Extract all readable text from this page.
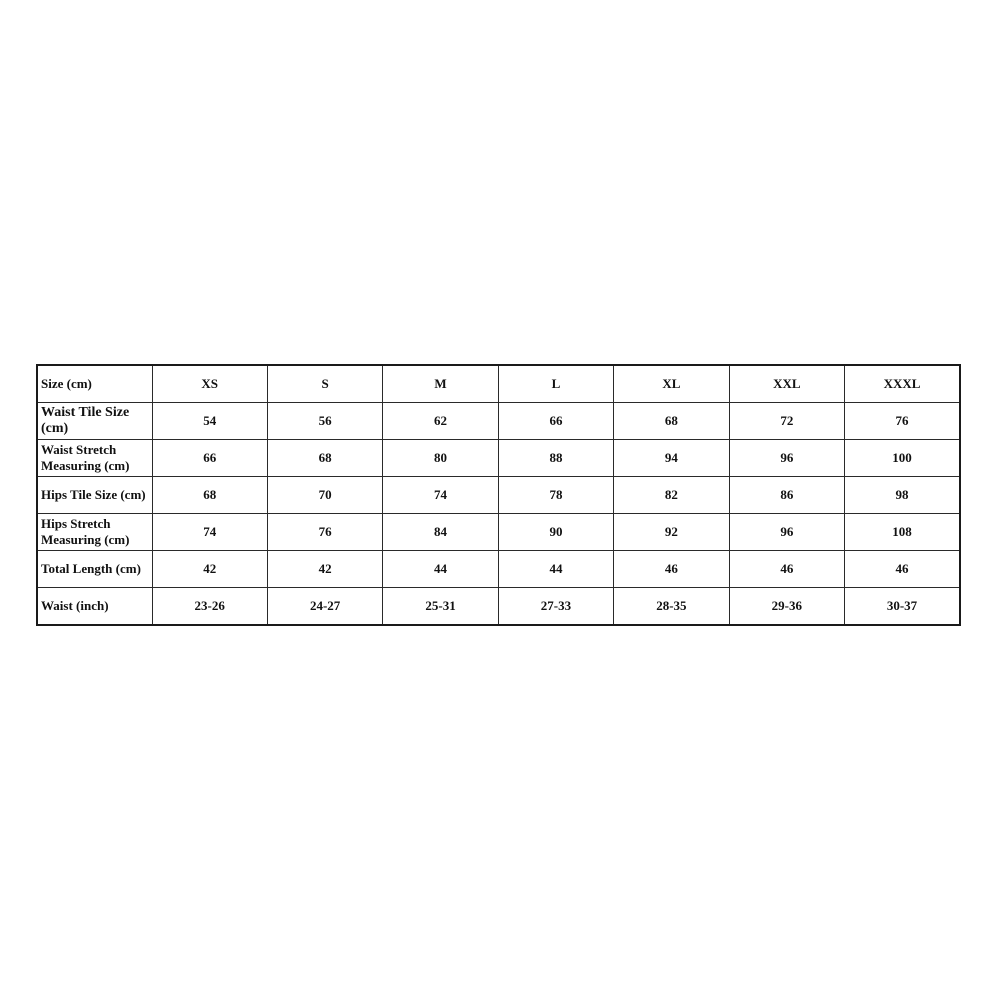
Size (cm)	XS	S	M	L	XL	XXL	XXXL
Waist Tile Size (cm)	54	56	62	66	68	72	76
Waist Stretch Measuring (cm)	66	68	80	88	94	96	100
Hips Tile Size (cm)	68	70	74	78	82	86	98
Hips Stretch Measuring (cm)	74	76	84	90	92	96	108
Total Length (cm)	42	42	44	44	46	46	46
Waist (inch)	23-26	24-27	25-31	27-33	28-35	29-36	30-37
